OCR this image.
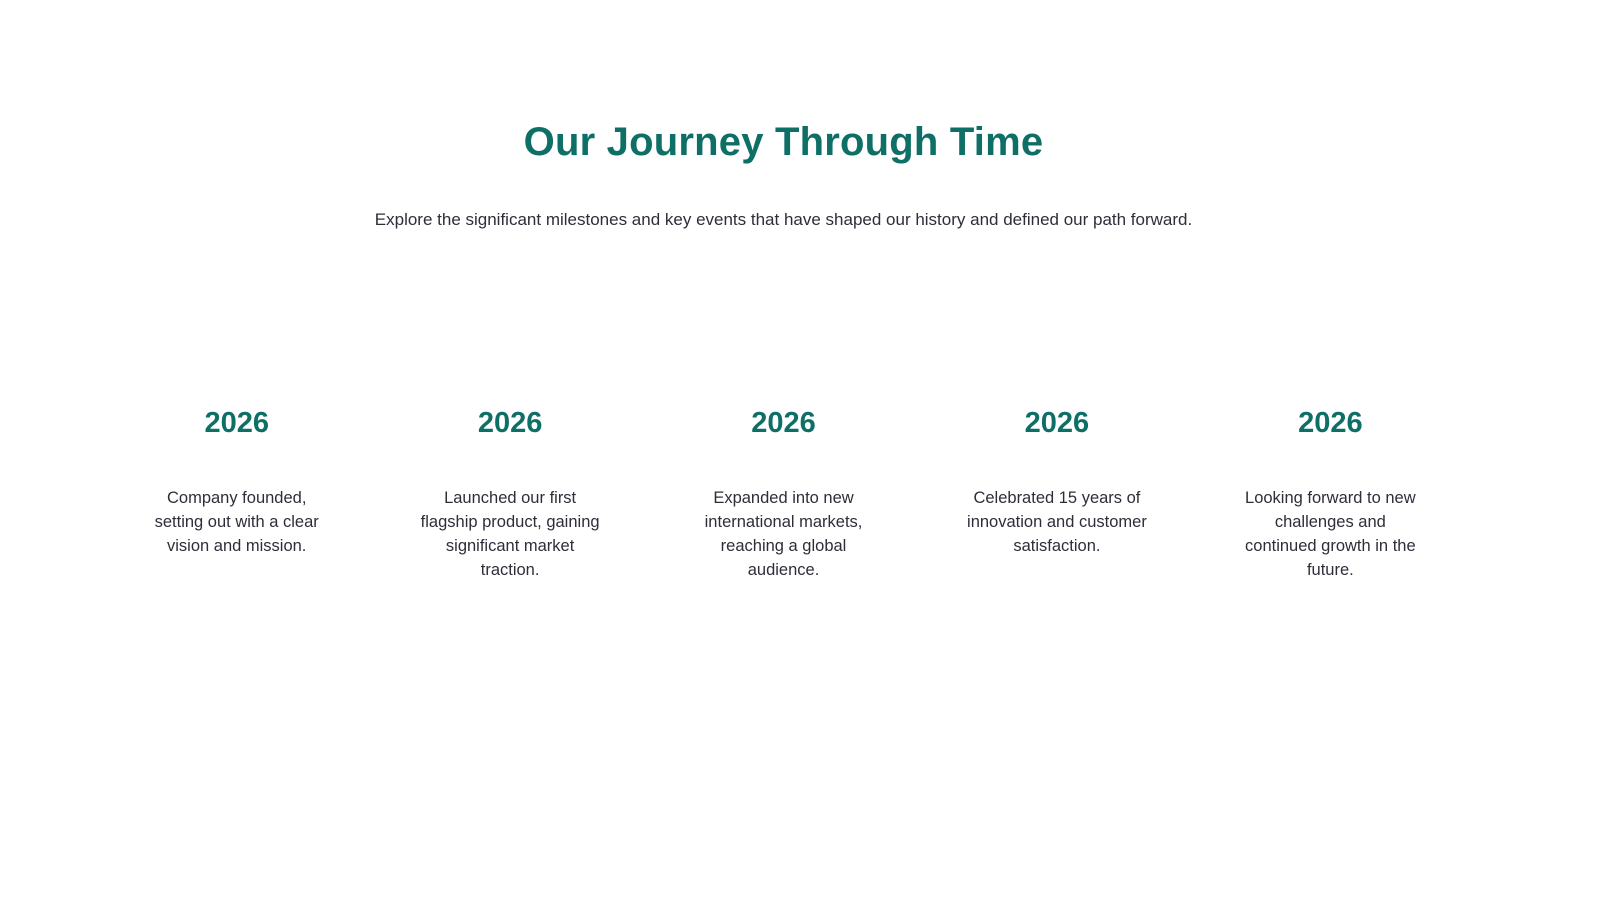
Our Journey Through Time

Explore the significant milestones and key events that have shaped our history and defined our path forward.

2026

Company founded, setting out with a clear vision and mission.

2026

Launched our first flagship product, gaining significant market traction.

2026

Expanded into new international markets, reaching a global audience.

2026

Celebrated 15 years of innovation and customer satisfaction.

2026

Looking forward to new challenges and continued growth in the future.
